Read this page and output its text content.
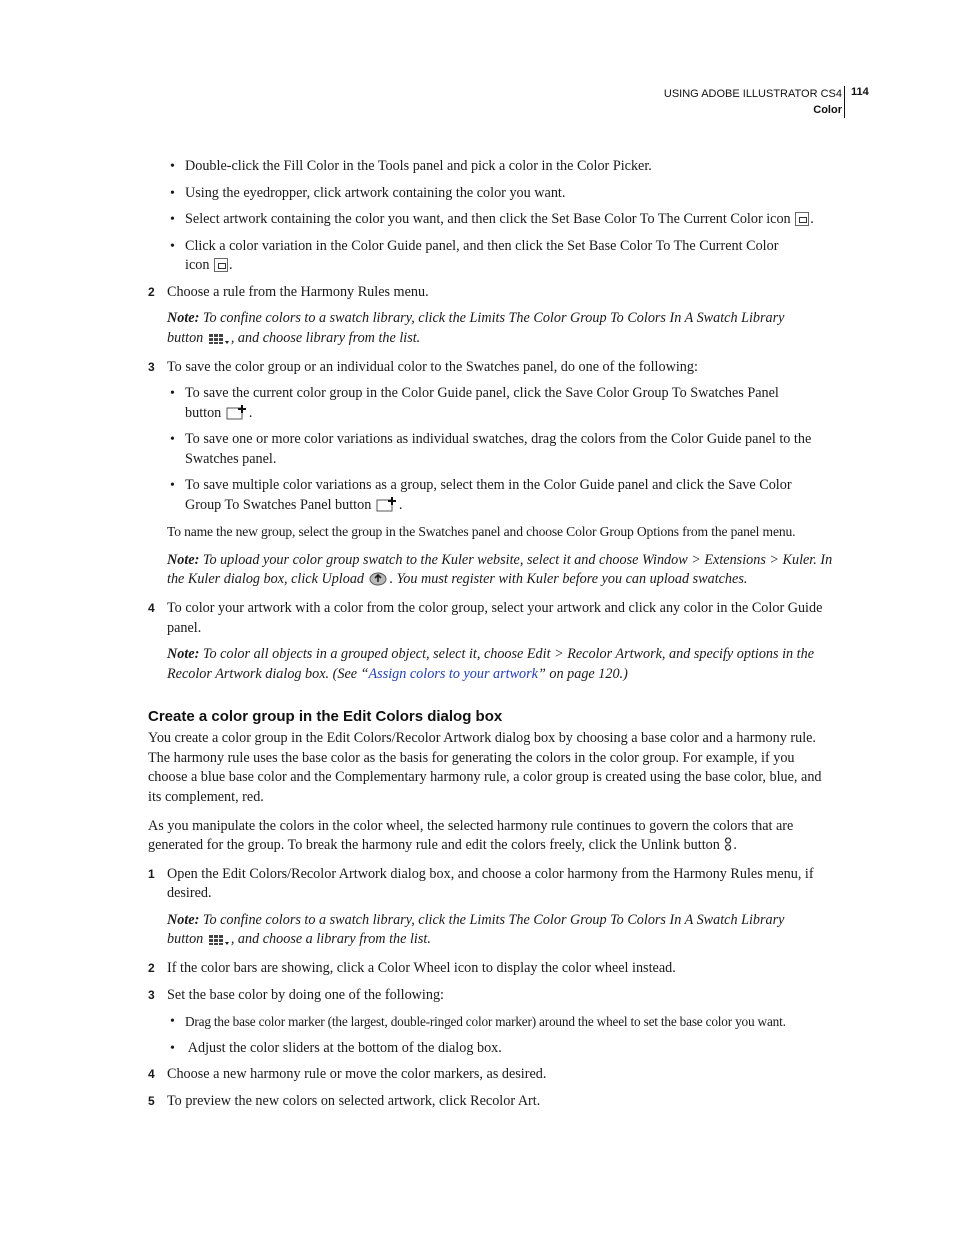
USING ADOBE ILLUSTRATOR CS4
Color
114
• Double-click the Fill Color in the Tools panel and pick a color in the Color Picker.
• Using the eyedropper, click artwork containing the color you want.
• Select artwork containing the color you want, and then click the Set Base Color To The Current Color icon .
• Click a color variation in the Color Guide panel, and then click the Set Base Color To The Current Color
icon .
2 Choose a rule from the Harmony Rules menu.
Note: To confine colors to a swatch library, click the Limits The Color Group To Colors In A Swatch Library
button , and choose library from the list.
3 To save the color group or an individual color to the Swatches panel, do one of the following:
• To save the current color group in the Color Guide panel, click the Save Color Group To Swatches Panel
button .
• To save one or more color variations as individual swatches, drag the colors from the Color Guide panel to the
Swatches panel.
• To save multiple color variations as a group, select them in the Color Guide panel and click the Save Color
Group To Swatches Panel button .
To name the new group, select the group in the Swatches panel and choose Color Group Options from the panel menu.
Note: To upload your color group swatch to the Kuler website, select it and choose Window > Extensions > Kuler. In
the Kuler dialog box, click Upload . You must register with Kuler before you can upload swatches.
4 To color your artwork with a color from the color group, select your artwork and click any color in the Color Guide
panel.
Note: To color all objects in a grouped object, select it, choose Edit > Recolor Artwork, and specify options in the
Recolor Artwork dialog box. (See “Assign colors to your artwork” on page 120.)
Create a color group in the Edit Colors dialog box
You create a color group in the Edit Colors/Recolor Artwork dialog box by choosing a base color and a harmony rule.
The harmony rule uses the base color as the basis for generating the colors in the color group. For example, if you
choose a blue base color and the Complementary harmony rule, a color group is created using the base color, blue, and
its complement, red.
As you manipulate the colors in the color wheel, the selected harmony rule continues to govern the colors that are
generated for the group. To break the harmony rule and edit the colors freely, click the Unlink button .
1 Open the Edit Colors/Recolor Artwork dialog box, and choose a color harmony from the Harmony Rules menu, if
desired.
Note: To confine colors to a swatch library, click the Limits The Color Group To Colors In A Swatch Library
button , and choose a library from the list.
2 If the color bars are showing, click a Color Wheel icon to display the color wheel instead.
3 Set the base color by doing one of the following:
• Drag the base color marker (the largest, double-ringed color marker) around the wheel to set the base color you want.
• Adjust the color sliders at the bottom of the dialog box.
4 Choose a new harmony rule or move the color markers, as desired.
5 To preview the new colors on selected artwork, click Recolor Art.
